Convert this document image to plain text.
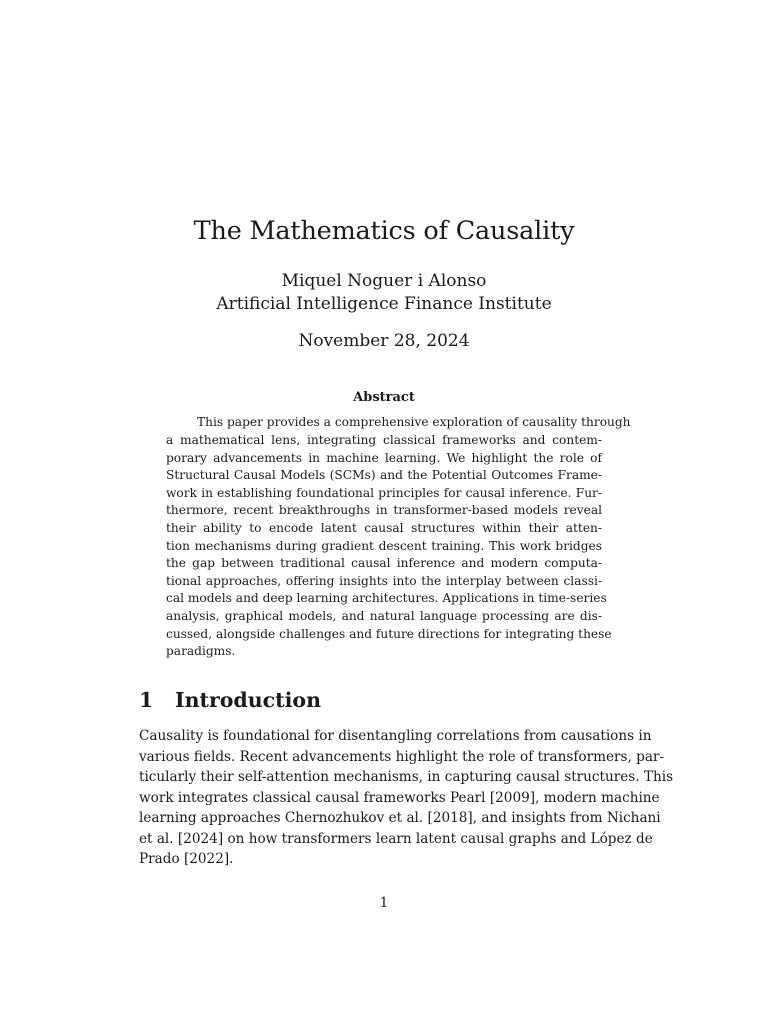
The Mathematics of Causality
Miquel Noguer i Alonso
Artificial Intelligence Finance Institute
November 28, 2024
Abstract
This paper provides a comprehensive exploration of causality through
a mathematical lens, integrating classical frameworks and contem-
porary advancements in machine learning. We highlight the role of
Structural Causal Models (SCMs) and the Potential Outcomes Frame-
work in establishing foundational principles for causal inference. Fur-
thermore, recent breakthroughs in transformer-based models reveal
their ability to encode latent causal structures within their atten-
tion mechanisms during gradient descent training. This work bridges
the gap between traditional causal inference and modern computa-
tional approaches, offering insights into the interplay between classi-
cal models and deep learning architectures. Applications in time-series
analysis, graphical models, and natural language processing are dis-
cussed, alongside challenges and future directions for integrating these
paradigms.
1 Introduction
Causality is foundational for disentangling correlations from causations in
various fields. Recent advancements highlight the role of transformers, par-
ticularly their self-attention mechanisms, in capturing causal structures. This
work integrates classical causal frameworks Pearl [2009], modern machine
learning approaches Chernozhukov et al. [2018], and insights from Nichani
et al. [2024] on how transformers learn latent causal graphs and López de
Prado [2022].
1
